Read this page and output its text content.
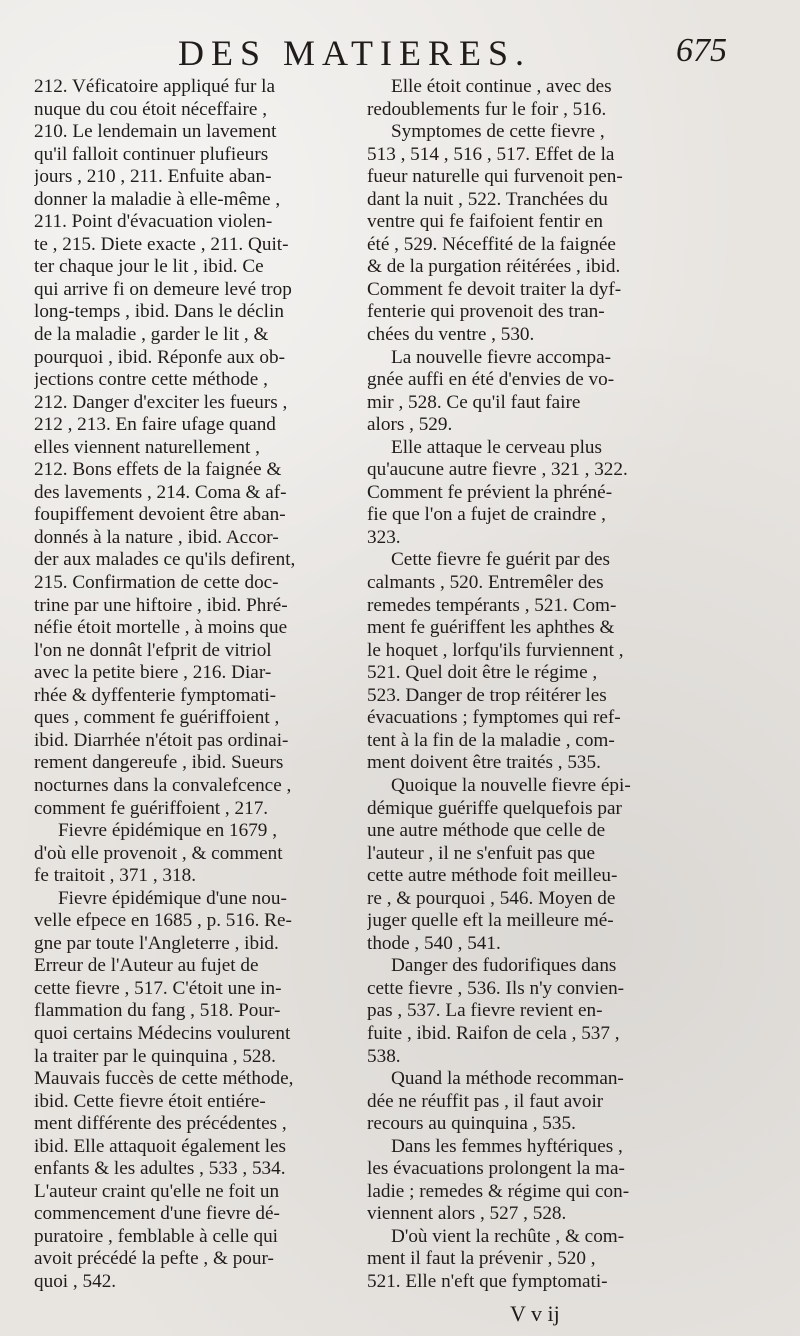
DES MATIERES.	675
212. Véficatoire appliqué fur la
nuque du cou étoit néceffaire ,
210. Le lendemain un lavement
qu'il falloit continuer plufieurs
jours , 210 , 211. Enfuite aban-
donner la maladie à elle-même ,
211. Point d'évacuation violen-
te , 215. Diete exacte , 211. Quit-
ter chaque jour le lit , ibid. Ce
qui arrive fi on demeure levé trop
long-temps , ibid. Dans le déclin
de la maladie , garder le lit , &
pourquoi , ibid. Réponfe aux ob-
jections contre cette méthode ,
212. Danger d'exciter les fueurs ,
212 , 213. En faire ufage quand
elles viennent naturellement ,
212. Bons effets de la faignée &
des lavements , 214. Coma & af-
foupiffement devoient être aban-
donnés à la nature , ibid. Accor-
der aux malades ce qu'ils defirent,
215. Confirmation de cette doc-
trine par une hiftoire , ibid. Phré-
néfie étoit mortelle , à moins que
l'on ne donnât l'efprit de vitriol
avec la petite biere , 216. Diar-
rhée & dyffenterie fymptomati-
ques , comment fe guériffoient ,
ibid. Diarrhée n'étoit pas ordinai-
rement dangereufe , ibid. Sueurs
nocturnes dans la convalefcence ,
comment fe guériffoient , 217.
Fievre épidémique en 1679 ,
d'où elle provenoit , & comment
fe traitoit , 371 , 318.
Fievre épidémique d'une nou-
velle efpece en 1685 , p. 516. Re-
gne par toute l'Angleterre , ibid.
Erreur de l'Auteur au fujet de
cette fievre , 517. C'étoit une in-
flammation du fang , 518. Pour-
quoi certains Médecins voulurent
la traiter par le quinquina , 528.
Mauvais fuccès de cette méthode,
ibid. Cette fievre étoit entiére-
ment différente des précédentes ,
ibid. Elle attaquoit également les
enfants & les adultes , 533 , 534.
L'auteur craint qu'elle ne foit un
commencement d'une fievre dé-
puratoire , femblable à celle qui
avoit précédé la pefte , & pour-
quoi , 542.
Elle étoit continue , avec des
redoublements fur le foir , 516.
Symptomes de cette fievre ,
513 , 514 , 516 , 517. Effet de la
fueur naturelle qui furvenoit pen-
dant la nuit , 522. Tranchées du
ventre qui fe faifoient fentir en
été , 529. Néceffité de la faignée
& de la purgation réitérées , ibid.
Comment fe devoit traiter la dyf-
fenterie qui provenoit des tran-
chées du ventre , 530.
La nouvelle fievre accompa-
gnée auffi en été d'envies de vo-
mir , 528. Ce qu'il faut faire
alors , 529.
Elle attaque le cerveau plus
qu'aucune autre fievre , 321 , 322.
Comment fe prévient la phréné-
fie que l'on a fujet de craindre ,
323.
Cette fievre fe guérit par des
calmants , 520. Entremêler des
remedes tempérants , 521. Com-
ment fe guériffent les aphthes &
le hoquet , lorfqu'ils furviennent ,
521. Quel doit être le régime ,
523. Danger de trop réitérer les
évacuations ; fymptomes qui ref-
tent à la fin de la maladie , com-
ment doivent être traités , 535.
Quoique la nouvelle fievre épi-
démique guériffe quelquefois par
une autre méthode que celle de
l'auteur , il ne s'enfuit pas que
cette autre méthode foit meilleu-
re , & pourquoi , 546. Moyen de
juger quelle eft la meilleure mé-
thode , 540 , 541.
Danger des fudorifiques dans
cette fievre , 536. Ils n'y convien-
pas , 537. La fievre revient en-
fuite , ibid. Raifon de cela , 537 ,
538.
Quand la méthode recomman-
dée ne réuffit pas , il faut avoir
recours au quinquina , 535.
Dans les femmes hyftériques ,
les évacuations prolongent la ma-
ladie ; remedes & régime qui con-
viennent alors , 527 , 528.
D'où vient la rechûte , & com-
ment il faut la prévenir , 520 ,
521. Elle n'eft que fymptomati-
V v ij
